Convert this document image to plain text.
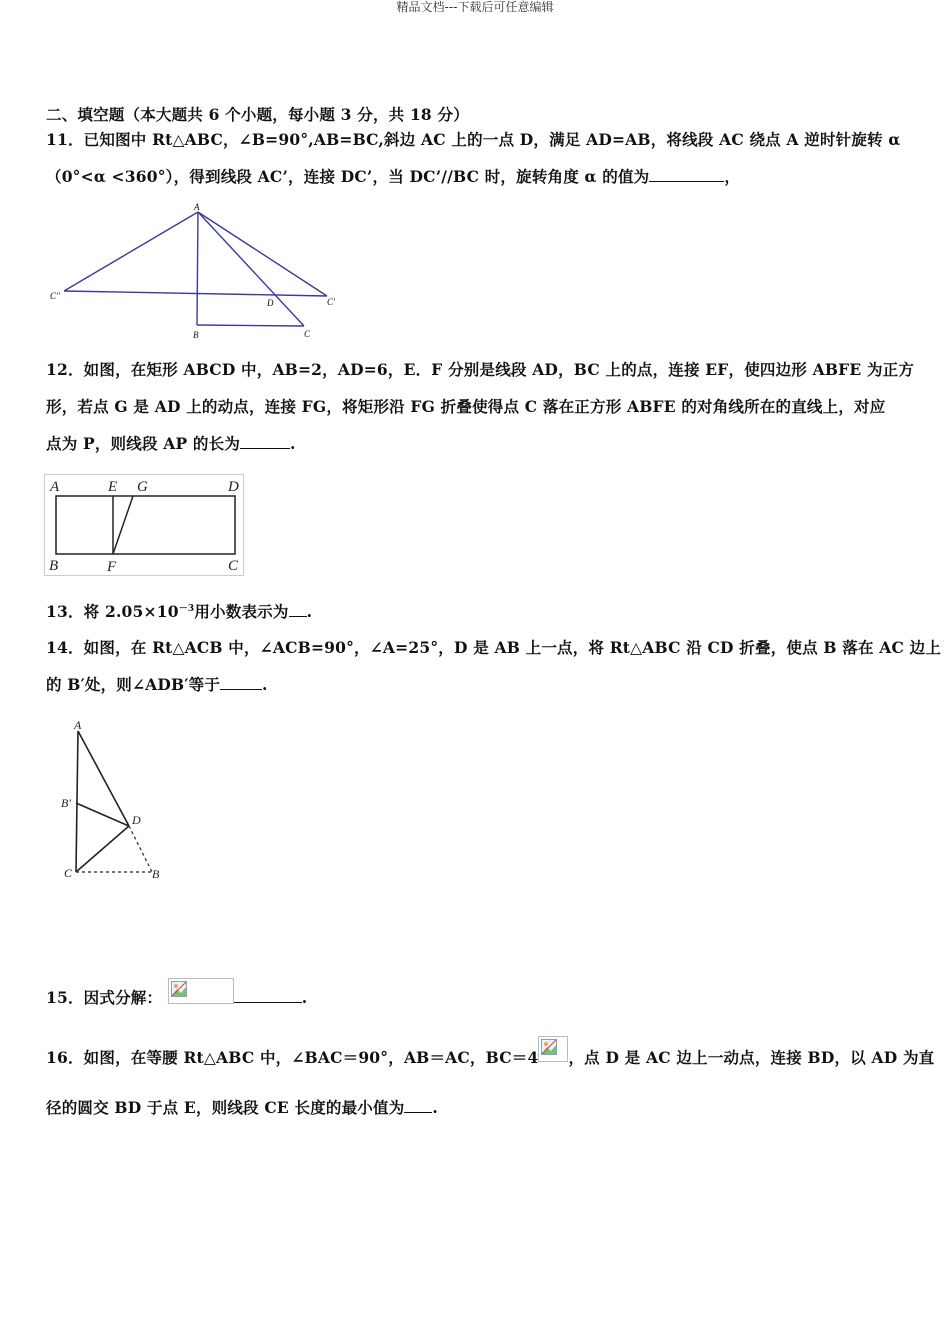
精品文档---下载后可任意编辑
二、填空题（本大题共 6 个小题，每小题 3 分，共 18 分）
11．已知图中 Rt△ABC，∠B=90°,AB=BC,斜边 AC 上的一点 D，满足 AD=AB，将线段 AC 绕点 A 逆时针旋转 α
（0°<α <360°），得到线段 AC’，连接 DC’，当 DC’//BC 时，旋转角度 α 的值为	，
A
C''
D	C'
B	C
12．如图，在矩形 ABCD 中，AB=2，AD=6，E．F 分别是线段 AD，BC 上的点，连接 EF，使四边形 ABFE 为正方
形，若点 G 是 AD 上的动点，连接 FG，将矩形沿 FG 折叠使得点 C 落在正方形 ABFE 的对角线所在的直线上，对应
点为 P，则线段 AP 的长为	.
A	E G	D
B	F	C
13．将 $2.05\times 10^{-3}$用小数表示为 .
14．如图，在 Rt△ACB 中，∠ACB=90°，∠A=25°，D 是 AB 上一点，将 Rt△ABC 沿 CD 折叠，使点 B 落在 AC 边上
的 B′处，则∠ADB′等于	.
A
B′
D
C	B
15．因式分解：	.
16．如图，在等腰 Rt△ABC 中，∠BAC＝90°，AB＝AC，BC＝4 ，点 D 是 AC 边上一动点，连接 BD，以 AD 为直
径的圆交 BD 于点 E，则线段 CE 长度的最小值为 .
